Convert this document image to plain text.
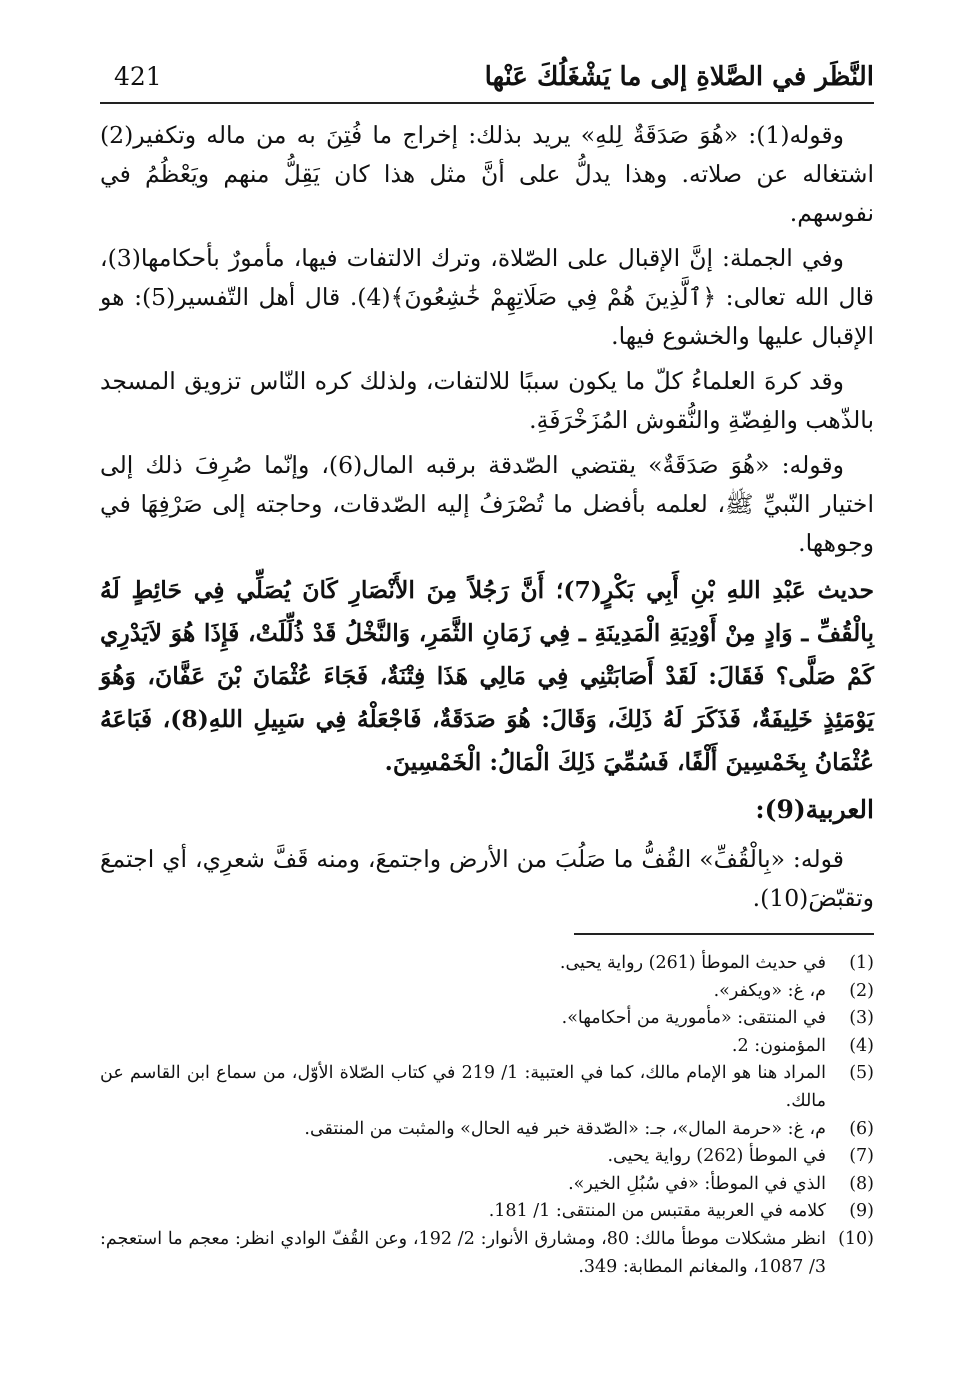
النَّظَر في الصَّلاةِ إلى ما يَشْغَلُكَ عَنْها
421

وقوله(1): «هُوَ صَدَقَةٌ لِلهِ» يريد بذلك: إخراج ما فُتِنَ به من ماله وتكفير(2) اشتغاله عن صلاته. وهذا يدلُّ على أنَّ مثل هذا كان يَقِلُّ منهم ويَعْظُمُ في نفوسهم.

وفي الجملة: إنَّ الإقبال على الصّلاة، وترك الالتفات فيها، مأمورٌ بأحكامها(3)، قال الله تعالى: ﴿ٱلَّذِينَ هُمْ فِي صَلَاتِهِمْ خَٰشِعُونَ﴾(4). قال أهل التّفسير(5): هو الإقبال عليها والخشوع فيها.

وقد كرهَ العلماءُ كلّ ما يكون سببًا للالتفات، ولذلك كره النّاس تزويق المسجد بالذّهب والفِضّةِ والنُّقوش المُزَخْرَفَةِ.

وقوله: «هُوَ صَدَقَةٌ» يقتضي الصّدقة برقبه المال(6)، وإنّما صُرِفَ ذلك إلى اختيار النّبيِّ ﷺ، لعلمه بأفضل ما تُصْرَفُ إليه الصّدقات، وحاجته إلى صَرْفِهَا في وجوهها.

حديث عَبْدِ اللهِ بْنِ أَبِي بَكْرٍ(7)؛ أَنَّ رَجُلاً مِنَ الأَنْصَارِ كَانَ يُصَلِّي فِي حَائِطٍ لَهُ بِالْقُفِّ ـ وَادٍ مِنْ أَوْدِيَةِ الْمَدِينَةِ ـ فِي زَمَانِ الثَّمَرِ، وَالنَّخْلُ قَدْ ذُلِّلَتْ، فَإِذَا هُوَ لاَيَدْرِي كَمْ صَلَّى؟ فَقَالَ: لَقَدْ أَصَابَتْنِي فِي مَالِي هَذَا فِتْنَةٌ، فَجَاءَ عُثْمَانَ بْنَ عَفَّانَ، وَهُوَ يَوْمَئِذٍ خَلِيفَةٌ، فَذَكَرَ لَهُ ذَلِكَ، وَقَالَ: هُوَ صَدَقَةٌ، فَاجْعَلْهُ فِي سَبِيلِ اللهِ(8)، فَبَاعَهُ عُثْمَانُ بِخَمْسِينَ أَلْفًا، فَسُمِّيَ ذَلِكَ الْمَالُ: الْخَمْسِينَ.

العربية(9):

قوله: «بِالْقُفِّ» القُفُّ ما صَلُبَ من الأرض واجتمعَ، ومنه قَفَّ شعرِي، أي اجتمعَ وتقبّضَ(10).

(1)
في حديث الموطأ (261) رواية يحيى.
(2)
م، غ: «ويكفر».
(3)
في المنتقى: «مأمورية من أحكامها».
(4)
المؤمنون: 2.
(5)
المراد هنا هو الإمام مالك، كما في العتبية: 1/ 219 في كتاب الصّلاة الأوّل، من سماع ابن القاسم عن مالك.
(6)
م، غ: «حرمة المال»، جـ: «الصّدقة خبر فيه الحال» والمثبت من المنتقى.
(7)
في الموطأ (262) رواية يحيى.
(8)
الذي في الموطأ: «في سُبُلِ الخير».
(9)
كلامه في العربية مقتبس من المنتقى: 1/ 181.
(10)
انظر مشكلات موطأ مالك: 80، ومشارق الأنوار: 2/ 192، وعن القُفّ الوادي انظر: معجم ما استعجم: 3/ 1087، والمغانم المطابة: 349.
